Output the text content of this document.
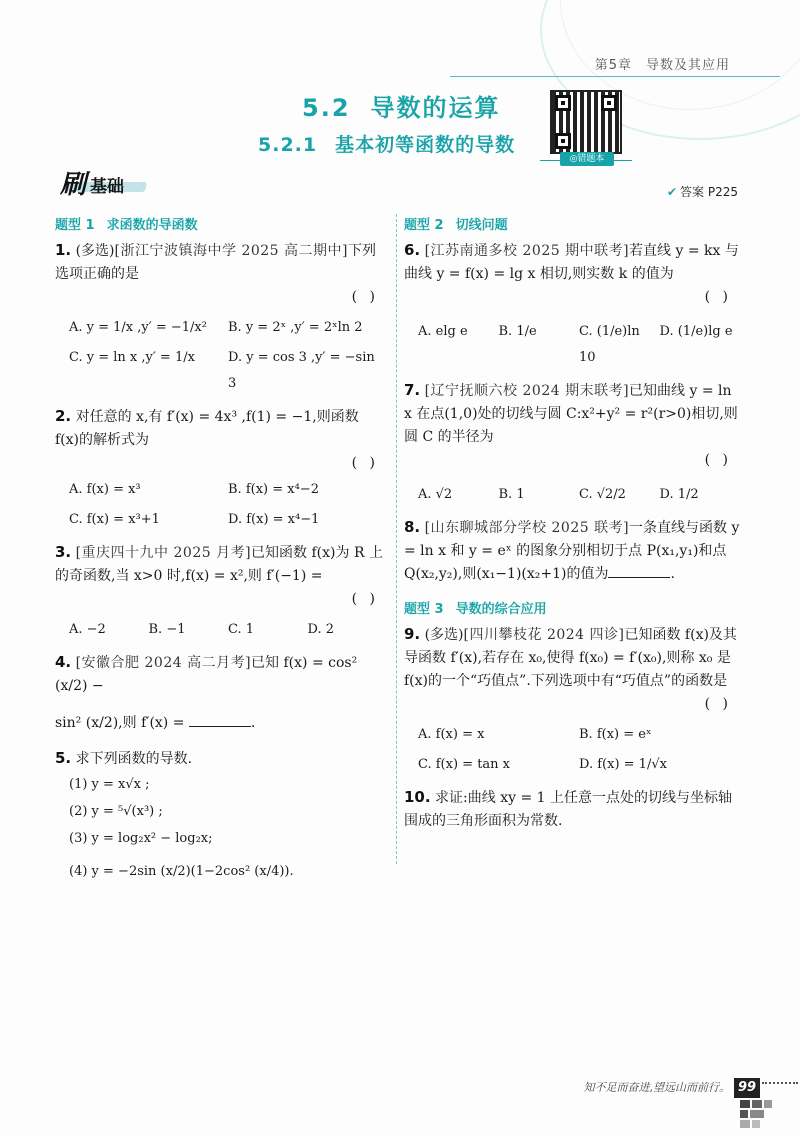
第5章　导数及其应用
5.2 导数的运算
5.2.1 基本初等函数的导数
◎错题本
刷 基础	✔ 答案 P225
题型 1 求函数的导函数
1. (多选)[浙江宁波镇海中学 2025 高二期中]下列选项正确的是
( )
A. y = 1/x ,y′ = −1/x²	B. y = 2ˣ ,y′ = 2ˣln 2
C. y = ln x ,y′ = 1/x	D. y = cos 3 ,y′ = −sin 3
2. 对任意的 x,有 f′(x) = 4x³ ,f(1) = −1,则函数 f(x)的解析式为
( )
A. f(x) = x³	B. f(x) = x⁴−2
C. f(x) = x³+1	D. f(x) = x⁴−1
3. [重庆四十九中 2025 月考]已知函数 f(x)为 R 上的奇函数,当 x>0 时,f(x) = x²,则 f′(−1) =
( )
A. −2	B. −1	C. 1	D. 2
4. [安徽合肥 2024 高二月考]已知 f(x) = cos² (x/2) −
sin² (x/2),则 f′(x) =	.
5. 求下列函数的导数.
(1) y = x√x ;
(2) y = ⁵√(x³) ;
(3) y = log₂x² − log₂x;
(4) y = −2sin (x/2)(1−2cos² (x/4)).
题型 2 切线问题
6. [江苏南通多校 2025 期中联考]若直线 y = kx 与曲线 y = f(x) = lg x 相切,则实数 k 的值为
( )
A. elg e	B. 1/e	C. (1/e)ln 10
D. (1/e)lg e
7. [辽宁抚顺六校 2024 期末联考]已知曲线 y = ln x 在点(1,0)处的切线与圆 C:x²+y² = r²(r>0)相切,则圆 C 的半径为
( )
A. √2	B. 1	C. √2/2	D. 1/2
8. [山东聊城部分学校 2025 联考]一条直线与函数 y = ln x 和 y = eˣ 的图象分别相切于点 P(x₁,y₁)和点 Q(x₂,y₂),则(x₁−1)(x₂+1)的值为	.
题型 3 导数的综合应用
9. (多选)[四川攀枝花 2024 四诊]已知函数 f(x)及其导函数 f′(x),若存在 x₀,使得 f(x₀) = f′(x₀),则称 x₀ 是 f(x)的一个“巧值点”.下列选项中有“巧值点”的函数是
( )
A. f(x) = x	B. f(x) = eˣ
C. f(x) = tan x	D. f(x) = 1/√x
10. 求证:曲线 xy = 1 上任意一点处的切线与坐标轴围成的三角形面积为常数.
知不足而奋进,望远山而前行。 99
